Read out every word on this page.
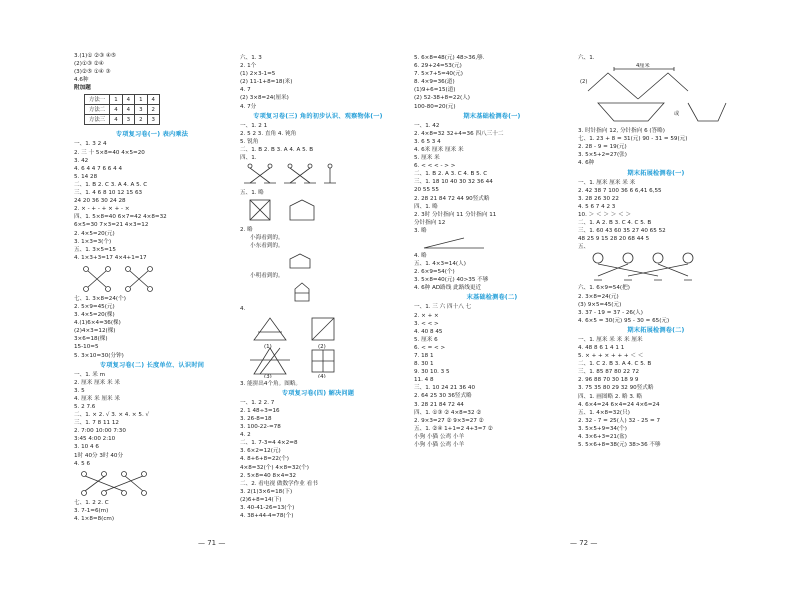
3.(1)① ②③ ④⑤
(2)①③ ②④
(3)②⑤ ①④ ③
4.6种
附加题
方法一	1	4	1	4
方法二	4	4	3	2
方法三	4	3	2	3
专项复习卷(一) 表内乘法
一、1. 3 2 4
2. 三 十 5×8=40 4×5=20
3. 42
4. 6 4 4 7 6 6 4 4
5. 14 28
二、1. B 2. C 3. A 4. A 5. C
三、1. 4 6 8 10 12 15 63
24 20 36 30 24 28
2. × - + - + × + - ×
四、1. 5×8=40 6×7=42 4×8=32
6×5=30 7×3=21 4×3=12
2. 4×5=20(元)
3. 1×3=3(个)
五、1. 3×5=15
4. 1×3+3=17 4×4+1=17
七、1. 3×8=24(个)
2. 5×9=45(元)
3. 4×5=20(棵)
4.(1)6×4=36(棵)
(2)4×3=12(棵)
3×6=18(棵)
15-10=5
5. 3×10=30(分钟)
专项复习卷(二) 长度单位、认识时间
一、1. 米 m
2. 厘米 厘米 米 米
3. 5
4. 厘米 米 厘米 米
5. 2 7.6
二、1. × 2. √ 3. × 4. × 5. √
三、1. 7 8 11 12
2. 7:00 10:00 7:30
3:45 4:00 2:10
3. 10 4 6
1时 40分 3时 40分
4. 5 6
七、1. 2 2. C
3. 7-1=6(m)
4. 1×8=8(cm)
六、1. 3
2. 1个
(1) 2×3-1=5
(2) 11-1+8=18(米)
4. 7
(2) 3×8=24(厘米)
4. 7分
专项复习卷(三) 角的初步认识、观察物体(一)
一、1. 2 1
2. 5 2 3. 直角 4. 钝角
5. 锐角
二、1. B 2. B 3. A 4. A 5. B
四、1.
五、1. 略
2. 略
小海看到的。
小东看到的。
小明看到的。
4.
(1)	(2)
(3)	(4)
3. 能拼出4个角。图略。
专项复习卷(四) 解决问题
一、1. 2 2. 7
2. 1 48÷3=16
3. 26-8=18
3. 100-22-=78
4. 2
二、1. 7-3=4 4×2=8
3. 6×2=12(元)
4. 8+6+8=22(个)
4×8=32(个) 4×8=32(个)
2. 5×8=40 8×4=32
二、2. 看电视 做数学作业 看书
3. 2(1)3×6=18(下)
(2)6+8=14(下)
3. 40-41-26=13(个)
4. 38+44-4=78(个)
— 71 —
5. 6×8=48(元) 48>36,够.
6. 29+24=53(元)
7. 5×7+5=40(元)
8. 4×9=36(道)
(1)9+6=15(道)
(2) 52-38+8=22(人)
100-80=20(元)
期末基础检测卷(一)
一、1. 42
2. 4×8=32 32+4=36 四八三十二
3. 6 5 3 4
4. 6米 厘米 厘米 米
5. 厘米 米
6. < < < - > >
二、1. B 2. A 3. C 4. B 5. C
三、1. 18 10 40 30 32 36 44
20 55 55
2. 28 21 84 72 44 90竖式略
四、1. 略
2. 3时 分针指向 11 分针指向 11
分针指向 12
3. 略
4. 略
五、1. 4×3=14(人)
2. 6×9=54(个)
3. 5×8=40(元) 40>35 不够
4. 6种 AD路线 此路线更近
末基础检测卷(二)
一、1. 三 六 四十八 七
2. × + ×
3. < < >
4. 40 8 45
5. 厘米 6
6. < = < >
7. 18 1
8. 30 1
9. 30 10. 3 5
11. 4 8
三、1. 10 24 21 36 40
2. 64 25 30 36竖式略
3. 28 21 84 72 44
四、1. ①③ ② 4×8=32 ②
2. 9×3=27 ② 9×3=27 ②
五、1. ②④ 1+1=2 4+3=7 ②
小狗 小猫 公鸡 小羊
小狗 小猫 公鸡 小羊
六、1.
4厘米
(2)
或
3. 时针指向 12, 分针指向 6 (答略)
七、1. 23 + 8 = 31(元) 90 - 31 = 59(元)
2. 28 - 9 = 19(元)
3. 5×5+2=27(张)
4. 6种
期末拓展检测卷(一)
一、1. 厘米 厘米 米 米
2. 42 38 7 100 36 6 6,41 6,55
3. 28 26 30 22
4. 5 6 7 4 2 3
10. ＞ ＜ ＞ ＞ ＜ ＞
二、1. A 2. B 3. C 4. C 5. B
三、1. 60 43 60 35 27 40 65 52
48 25 9 15 28 20 68 44 5
五、
六、1. 6×9=54(把)
2. 3×8=24(元)
(3) 9×5=45(元)
3. 37 - 19 = 37 - 26(人)
4. 6×5 = 30(元) 95 - 30 = 65(元)
期末拓展检测卷(二)
一、1. 厘米 米 米 米 厘米
4. 48 8 6 1 4 1 1
5. × + + × + + + ＜ ＜
二、1. C 2. B 3. A 4. C 5. B
三、1. 85 87 80 22 72
2. 96 88 70 30 18 9 9
3. 75 35 80 29 32 90竖式略
四、1. 画图略 2. 略 3. 略
4. 6×4=24 6×4=24 4×6=24
五、1. 4×8=32(只)
2. 32 - 7 = 25(人) 32 - 25 = 7
3. 5×5+9=34(个)
4. 3×6+3=21(盆)
5. 5×6+8=38(元) 38>36 不够
— 72 —
